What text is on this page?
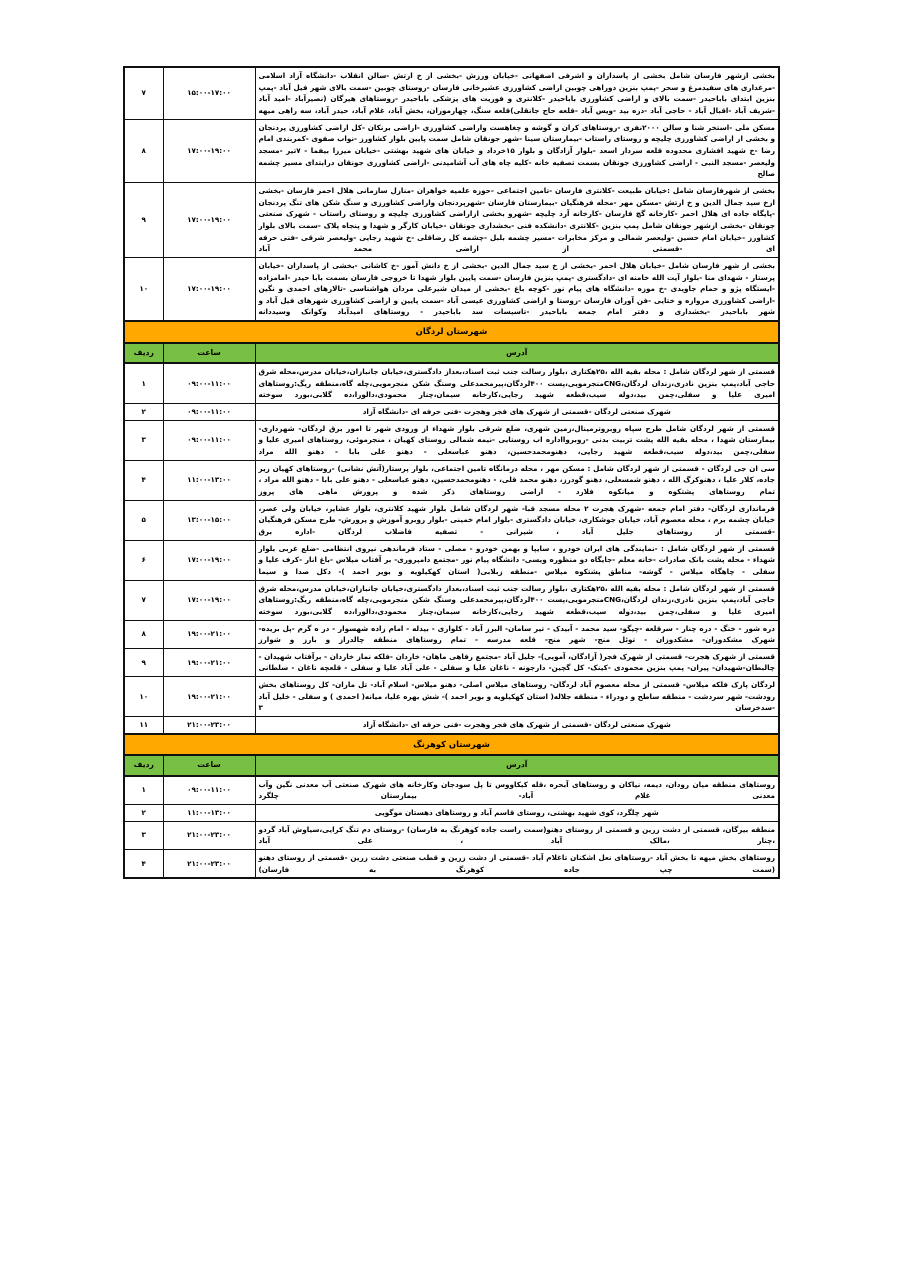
بخشی ازشهر فارسان شامل بخشی از پاسداران و اشرفی اصفهانی -خیابان ورزش -بخشی از خ ارتش -سالن انقلاب -دانشگاه آزاد اسلامی -مرغداری های سفیدمرغ و سحر -پمپ بنزین دوراهی چوبین اراضی کشاورزی عشیرخانی فارسان -روستای چوبین -سمت بالای شهر فیل آباد -پمپ بنزین ابتدای باباحیدر -سمت بالای و اراضی کشاورزی باباحیدر -کلانتری و فوریت های پزشکی باباحیدر -روستاهای هیرگان (نصیرآباد -امید آباد -شریف آباد -اقبال آباد - حاجی آباد -دره بید -ویس آباد -قلعه حاج جانقلی)قلعه سنگ، چهارموران، بخش آباد، غلام آباد، حیدر آباد، سه راهی میهه	۱۵:۰۰-۱۷:۰۰	۷
مسکن ملی -استخر شنا و سالن ۲۰۰۰نفری -روستاهای کران و گوشه و چغاهست واراضی کشاورزی -اراضی برنکان -کل اراضی کشاورزی پردنجان و بخشی از اراضی کشاورزی چلیچه و روستای راستاب -بیمارستان سینا -شهر جونقان شامل سمت پایین بلوار کشاورز -نواب صفوی -کمربندی امام رضا -خ شهید افشاری محدوده قلعه سردار اسعد -بلوار آزادگان و بلوار ۱۵خرداد و خیابان های شهید بهشتی -خیابان میرزا بیفما - ۷تیر -مسجد ولیعصر -مسجد النبی - اراضی کشاورزی جونقان بسمت تصفیه خانه -کلیه چاه های آب آشامیدنی -اراضی کشاورزی جونقان درابتدای مسیر چشمه صالح	۱۷:۰۰-۱۹:۰۰	۸
بخشی از شهرفارسان شامل :خیابان طبیعت -کلانتری فارسان -تامین اجتماعی -حوزه علمیه خواهران -منازل سازمانی هلال احمر فارسان -بخشی ازخ سید جمال الدین و خ ارتش -مسکن مهر -محله فرهنگیان -بیمارستان فارسان -شهرپردنجان واراضی کشاورزی و سنگ شکن های تنگ پردنجان -پایگاه جاده ای هلال احمر -کارخانه گچ فارسان -کارخانه آرد چلیچه -شهرو بخشی ازاراضی کشاورزی چلیچه و روستای راستاب - شهرک صنعتی جونقان -بخشی ازشهر جونقان شامل پمپ بنزین -کلانتری -دانشکده فنی -بخشداری جونقان -خیابان کارگر و شهدا و پنجاه پلاک -سمت بالای بلوار کشاورز -خیابان امام حسین -ولیعصر شمالی و مرکز مخابرات -مسیر چشمه بلبل -چشمه کل رضاقلی -خ شهید رجایی -ولیعصر شرقی -فنی حرفه ای -قسمتی از اراضی محمد آباد	۱۷:۰۰-۱۹:۰۰	۹
بخشی از شهر فارسان شامل -خیابان هلال احمر -بخشی از خ سید جمال الدین -بخشی از خ دانش آموز -خ کاشانی -بخشی از پاسداران -خیابان پرستار - شهدای منا -بلوار آیت الله خامنه ای -دادگستری -پمپ بنزین فارسان -سمت پایین بلوار شهدا تا خروجی فارسان بسمت بابا حیدر -امامزاده -ایستگاه پژو و حمام جاویدی -خ موزه -دانشگاه های پیام نور -کوچه باغ -بخشی از میدان شیرعلی مردان هواشناسی -تالارهای احمدی و نگین -اراضی کشاورزی مروازه و ختایی -فن آوران فارسان -روستا و اراضی کشاورزی عیسی آباد -سمت پایین و اراضی کشاورزی شهرهای فیل آباد و شهر باباحیدر -بخشداری و دفتر امام جمعه باباحیدر -تاسیسات سد باباحیدر - روستاهای امیدآباد وکوانک وسیددانه	۱۷:۰۰-۱۹:۰۰	۱۰
شهرستان لردگان		
آدرس	ساعت	رديف
قسمتی از شهر لردگان شامل : محله بقیه الله ،۲۵هکتاری ،بلوار رسالت جنب ثبت اسناد،بعداز دادگستری،خیابان جانبازان،خیابان مدرس،محله شرق حاجی آباد،پمپ بنزین نادری،زندان لردگان،CNGمنجرمویی،پست ۴۰۰لردگان،پیرمحمدعلی وسنگ شکن منجرمویی،چله گاه،منطقه ریگ:روستاهای امیری علیا و سفلی،چمن بید،دوله سیب،قطعه شهید رجایی،کارخانه سیمان،چنار محمودی،دالورا،ده گلابی،بورد سوخته	۰۹:۰۰-۱۱:۰۰	۱
شهرک صنعتی لردگان -قسمتی از شهرک های فجر وهجرت -فنی حرفه ای -دانشگاه آزاد	۰۹:۰۰-۱۱:۰۰	۲
قسمتی از شهر لردگان شامل طرح سپاه روبروترمینال،زمین شهری، ضلع شرقی بلوار شهداء از ورودی شهر تا امور برق لردگان- شهرداری- بیمارستان شهدا ، محله بقیه الله پشت تربیت بدنی -روبروااداره اب روستایی -نیمه شمالی روستای کهیان ، منجرموئی، روستاهای امیری علیا و سفلی،چمن بید،دوله سیب،قطعه شهید رجایی، دهنومحمدحسین، دهنو عباسعلی - دهنو علی بابا - دهنو الله مراد	۰۹:۰۰-۱۱:۰۰	۳
سی ان جی لردگان - قسمتی از شهر لردگان شامل : مسکن مهر ، محله درمانگاه تامین اجتماعی، بلوار پرستار(آتش نشانی) -روستاهای کهیان زیر جاده، کلار علیا ، دهنوکرگ الله ، دهنو شمسعلی، دهنو گودرز، دهنو محمد قلی، - دهنومحمدحسین، دهنو عباسعلی - دهنو علی بابا - دهنو الله مراد ، تمام روستاهای پشتکوه و میانکوه فلارد - اراضی روستاهای ذکر شده و پرورش ماهی های پروز	۱۱:۰۰-۱۳:۰۰	۴
فرمانداری لردگان- دفتر امام جمعه -شهرک هجرت ۲ محله مسجد قبا- شهر لردگان شامل بلوار شهید کلانتری، بلوار عشایر، خیابان ولی عصر، خیابان چشمه برم ، محله معصوم آباد، خیابان جوشکاری، خیابان دادگستری -بلوار امام خمینی -بلوار روبرو آموزش و پرورش- طرح مسکن فرهنگیان -قسمتی از روستاهای جلیل آباد ، شیرانی - تصفیه فاضلاب لردگان -اداره برق	۱۳:۰۰-۱۵:۰۰	۵
قسمتی از شهر لردگان شامل : -نمایندگی های ایران خودرو ، سایپا و بهمن خودرو - مصلی - ستاد فرماندهی نیروی انتظامی -ضلع غربی بلوار شهداء - محله پشت بانک صادرات -خانه معلم -جایگاه دو منظوره ویسی- دانشگاه پیام نور -مجتمع دامپروری- بر آفتاب میلاس -باغ انار -کرف علیا و سفلی - چاهگاه میلاس - گوشه- مناطق پشتکوه میلاس -منطقه زبلابی( استان کهکیلویه و بویر احمد )- دکل صدا و سیما	۱۷:۰۰-۱۹:۰۰	۶
قسمتی از شهر لردگان شامل : محله بقیه الله ،۲۵هکتاری ،بلوار رسالت جنب ثبت اسناد،بعداز دادگستری،خیابان جانبازان،خیابان مدرس،محله شرق حاجی آباد،پمپ بنزین نادری،زندان لردگان،CNGمنجرمویی،پست ۴۰۰لردگان،پیرمحمدعلی وسنگ شکن منجرمویی،چله گاه،منطقه ریگ:روستاهای امیری علیا و سفلی،چمن بید،دوله سیب،قطعه شهید رجایی،کارخانه سیمان،چنار محمودی،دالورا،ده گلابی،بورد سوخته	۱۷:۰۰-۱۹:۰۰	۷
دره شور - خنگ - دره چنار - سرقلعه -چیگو- سید محمد - آبیدک - تیر سامان- البرز آباد - کلواری - بیدله - امام زاده شهسوار - در ه گرم -پل بریده- شهرک مشکدوزان- مشکدوزان - توئل منج- شهر منج- قلعه مدرسه - تمام روستاهای منطقه چالدراز و بارز و شوارز	۱۹:۰۰-۲۱:۰۰	۸
قسمتی از شهرک هجرت- قسمتی از شهرک فجر( آزادگان، آمویی)- جلیل آباد -مجتمع رفاهی ماهان- خاردان -فلکه نماز خاردان - برآفتاب شهیدان - چالبطان-شهیدان- پیران- پمپ بنزین محمودی -کینک- کل گچین- دارجونه - ناغان علیا و سفلی - علی آباد علیا و سفلی - قلعچه ناغان - سلطانی	۱۹:۰۰-۲۱:۰۰	۹
لردگان پارک فلکه میلاس- قسمتی از محله معصوم آباد لردگان- روستاهای میلاس اصلی- دهنو میلاس- اسلام آباد- تل ماران- کل روستاهای بخش رودشت- شهر سردشت - منطقه ساطح و دودراء - منطقه جلاله( استان کهکیلویه و بویر احمد )- شش بهره علیا، میانه( احمدی ) و سفلی - خلیل آباد -سدخرسان ۳	۱۹:۰۰-۲۱:۰۰	۱۰
شهرک صنعتی لردگان -قسمتی از شهرک های فجر وهجرت -فنی حرفه ای -دانشگاه آزاد	۲۱:۰۰-۲۳:۰۰	۱۱
شهرستان کوهرنگ		
آدرس	ساعت	رديف
روستاهای منطقه میان رودان، دیمه، نیاکان و روستاهای آبحره ،قله کیکاووس تا پل سودجان وکارخانه های شهرک صنعتی آب معدنی نگین وآب معدنی غلام آباد- بیمارستان چلگرد	۰۹:۰۰-۱۱:۰۰	۱
شهر چلگرد، کوی شهید بهشتی، روستای قاسم آباد و روستاهای دهستان موگویی	۱۱:۰۰-۱۳:۰۰	۲
منطقه بیرگان، قسمتی از دشت زرین و قسمتی از روستای دهنو(سمت راست جاده کوهرنگ به فارسان) -روستای دم تنگ کرایی،سیاوش آباد گردو ،چنار ،مالک آباد ، علی آباد	۲۱:۰۰-۲۳:۰۰	۳
روستاهای بخش میهه تا بخش آباد -روستاهای نعل اشکنان تاغلام آباد -قسمتی از دشت زرین و قطب صنعتی دشت زرین -قسمتی از روستای دهنو (سمت چپ جاده کوهرنگ به فارسان)	۲۱:۰۰-۲۳:۰۰	۴
